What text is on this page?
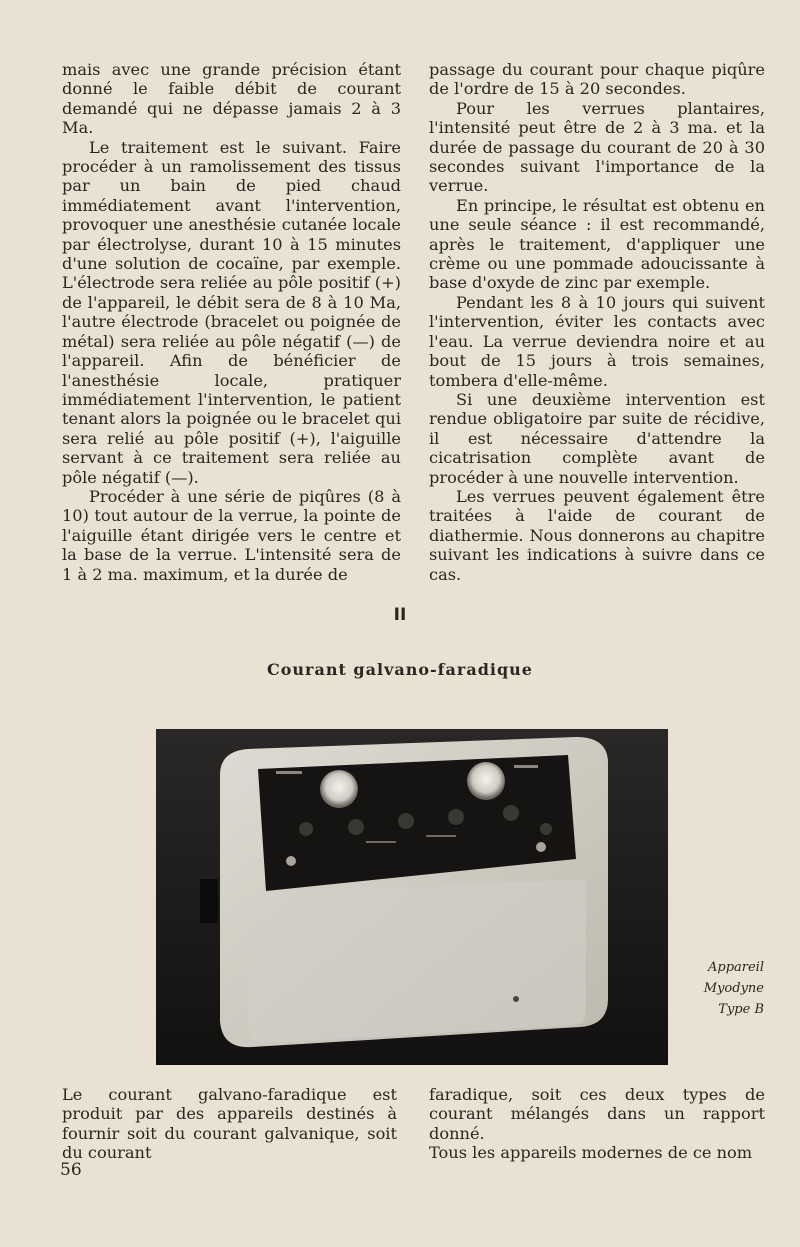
mais avec une grande précision étant donné le faible débit de courant demandé qui ne dépasse jamais 2 à 3 Ma.

Le traitement est le suivant. Faire procéder à un ramolissement des tissus par un bain de pied chaud immédiatement avant l'intervention, provoquer une anesthésie cutanée locale par électrolyse, durant 10 à 15 minutes d'une solution de cocaïne, par exemple. L'électrode sera reliée au pôle positif (+) de l'appareil, le débit sera de 8 à 10 Ma, l'autre électrode (bracelet ou poignée de métal) sera reliée au pôle négatif (—) de l'appareil. Afin de bénéficier de l'anesthésie locale, pratiquer immédiatement l'intervention, le patient tenant alors la poignée ou le bracelet qui sera relié au pôle positif (+), l'aiguille servant à ce traitement sera reliée au pôle négatif (—).

Procéder à une série de piqûres (8 à 10) tout autour de la verrue, la pointe de l'aiguille étant dirigée vers le centre et la base de la verrue. L'intensité sera de 1 à 2 ma. maximum, et la durée de

passage du courant pour chaque piqûre de l'ordre de 15 à 20 secondes.

Pour les verrues plantaires, l'intensité peut être de 2 à 3 ma. et la durée de passage du courant de 20 à 30 secondes suivant l'importance de la verrue.

En principe, le résultat est obtenu en une seule séance : il est recommandé, après le traitement, d'appliquer une crème ou une pommade adoucissante à base d'oxyde de zinc par exemple.

Pendant les 8 à 10 jours qui suivent l'intervention, éviter les contacts avec l'eau. La verrue deviendra noire et au bout de 15 jours à trois semaines, tombera d'elle-même.

Si une deuxième intervention est rendue obligatoire par suite de récidive, il est nécessaire d'attendre la cicatrisation complète avant de procéder à une nouvelle intervention.

Les verrues peuvent également être traitées à l'aide de courant de diathermie. Nous donnerons au chapitre suivant les indications à suivre dans ce cas.

II
Courant galvano-faradique
Appareil
Myodyne
Type B

Le courant galvano-faradique est produit par des appareils destinés à fournir soit du courant galvanique, soit du courant

faradique, soit ces deux types de courant mélangés dans un rapport donné.

Tous les appareils modernes de ce nom

56
